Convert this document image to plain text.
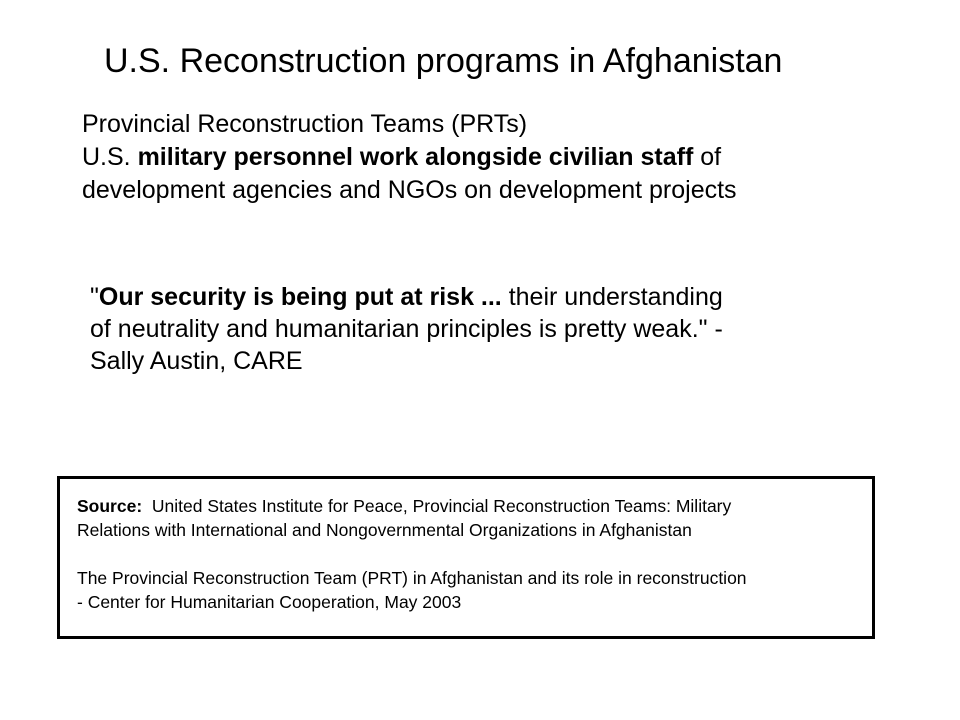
U.S. Reconstruction programs in Afghanistan
Provincial Reconstruction Teams (PRTs)
U.S. military personnel work alongside civilian staff of
development agencies and NGOs on development projects
"Our security is being put at risk ... their understanding
of neutrality and humanitarian principles is pretty weak." -
Sally Austin, CARE
Source:  United States Institute for Peace, Provincial Reconstruction Teams: Military
Relations with International and Nongovernmental Organizations in Afghanistan
The Provincial Reconstruction Team (PRT) in Afghanistan and its role in reconstruction
- Center for Humanitarian Cooperation, May 2003
